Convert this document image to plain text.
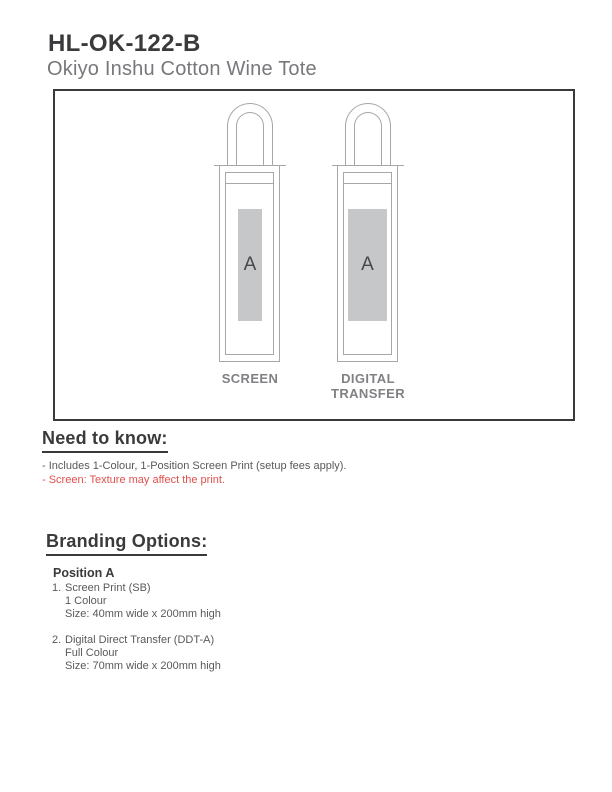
HL-OK-122-B
Okiyo Inshu Cotton Wine Tote
A
SCREEN
A
DIGITAL TRANSFER
Need to know:
- Includes 1-Colour, 1-Position Screen Print (setup fees apply).
- Screen: Texture may affect the print.
Branding Options:
Position A
1. Screen Print (SB)
1 Colour
Size: 40mm wide x 200mm high
2. Digital Direct Transfer (DDT-A)
Full Colour
Size: 70mm wide x 200mm high
